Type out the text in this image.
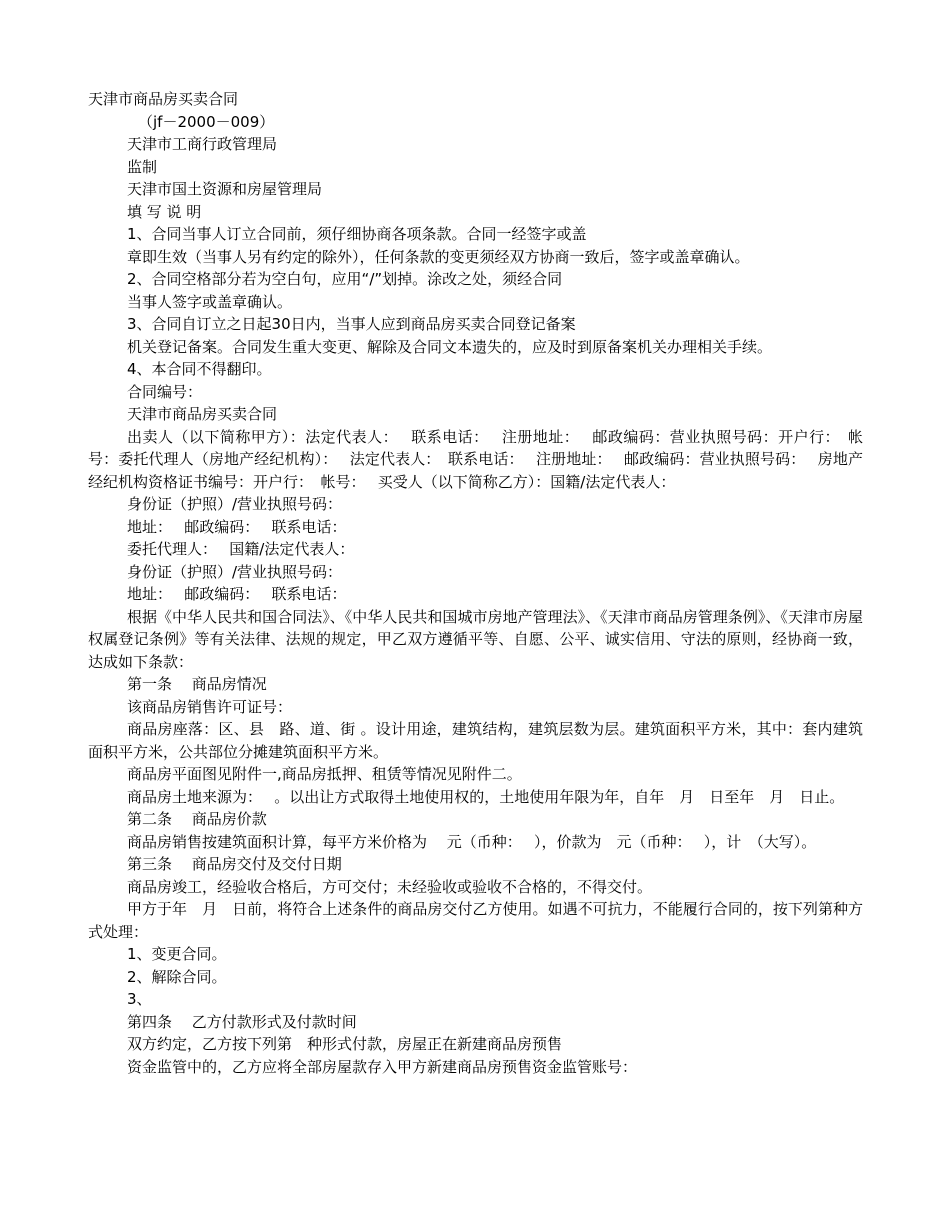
天津市商品房买卖合同

（jf－2000－009）

天津市工商行政管理局

监制

天津市国土资源和房屋管理局

填 写 说 明

1、合同当事人订立合同前，须仔细协商各项条款。合同一经签字或盖

章即生效（当事人另有约定的除外），任何条款的变更须经双方协商一致后，签字或盖章确认。

2、合同空格部分若为空白句，应用“/”划掉。涂改之处，须经合同

当事人签字或盖章确认。

3、合同自订立之日起30日内，当事人应到商品房买卖合同登记备案

机关登记备案。合同发生重大变更、解除及合同文本遗失的，应及时到原备案机关办理相关手续。

4、本合同不得翻印。

合同编号：

天津市商品房买卖合同

出卖人（以下简称甲方）：法定代表人：　 联系电话：　 注册地址：　 邮政编码：营业执照号码：开户行：　帐号：委托代理人（房地产经纪机构）：　 法定代表人：　联系电话：　 注册地址：　 邮政编码：营业执照号码：　 房地产经纪机构资格证书编号：开户行：　帐号：　 买受人（以下简称乙方）：国籍/法定代表人：

身份证（护照）/营业执照号码：

地址：　 邮政编码：　 联系电话：

委托代理人：　 国籍/法定代表人：

身份证（护照）/营业执照号码：

地址：　 邮政编码：　 联系电话：

根据《中华人民共和国合同法》、《中华人民共和国城市房地产管理法》、《天津市商品房管理条例》、《天津市房屋权属登记条例》等有关法律、法规的规定，甲乙双方遵循平等、自愿、公平、诚实信用、守法的原则，经协商一致，达成如下条款：

第一条　 商品房情况

该商品房销售许可证号：

商品房座落：区、县　路、道、街 。设计用途，建筑结构，建筑层数为层。建筑面积平方米，其中：套内建筑面积平方米，公共部位分摊建筑面积平方米。

商品房平面图见附件一,商品房抵押、租赁等情况见附件二。

商品房土地来源为：　 。以出让方式取得土地使用权的，土地使用年限为年，自年　月　日至年　月　日止。

第二条　 商品房价款

商品房销售按建筑面积计算，每平方米价格为　 元（币种：　 ），价款为　元（币种：　 ），计　（大写）。

第三条　 商品房交付及交付日期

商品房竣工，经验收合格后，方可交付；未经验收或验收不合格的，不得交付。

甲方于年　月　日前，将符合上述条件的商品房交付乙方使用。如遇不可抗力，不能履行合同的，按下列第种方式处理：

1、变更合同。

2、解除合同。

3、

第四条　 乙方付款形式及付款时间

双方约定，乙方按下列第　种形式付款，房屋正在新建商品房预售

资金监管中的，乙方应将全部房屋款存入甲方新建商品房预售资金监管账号：
